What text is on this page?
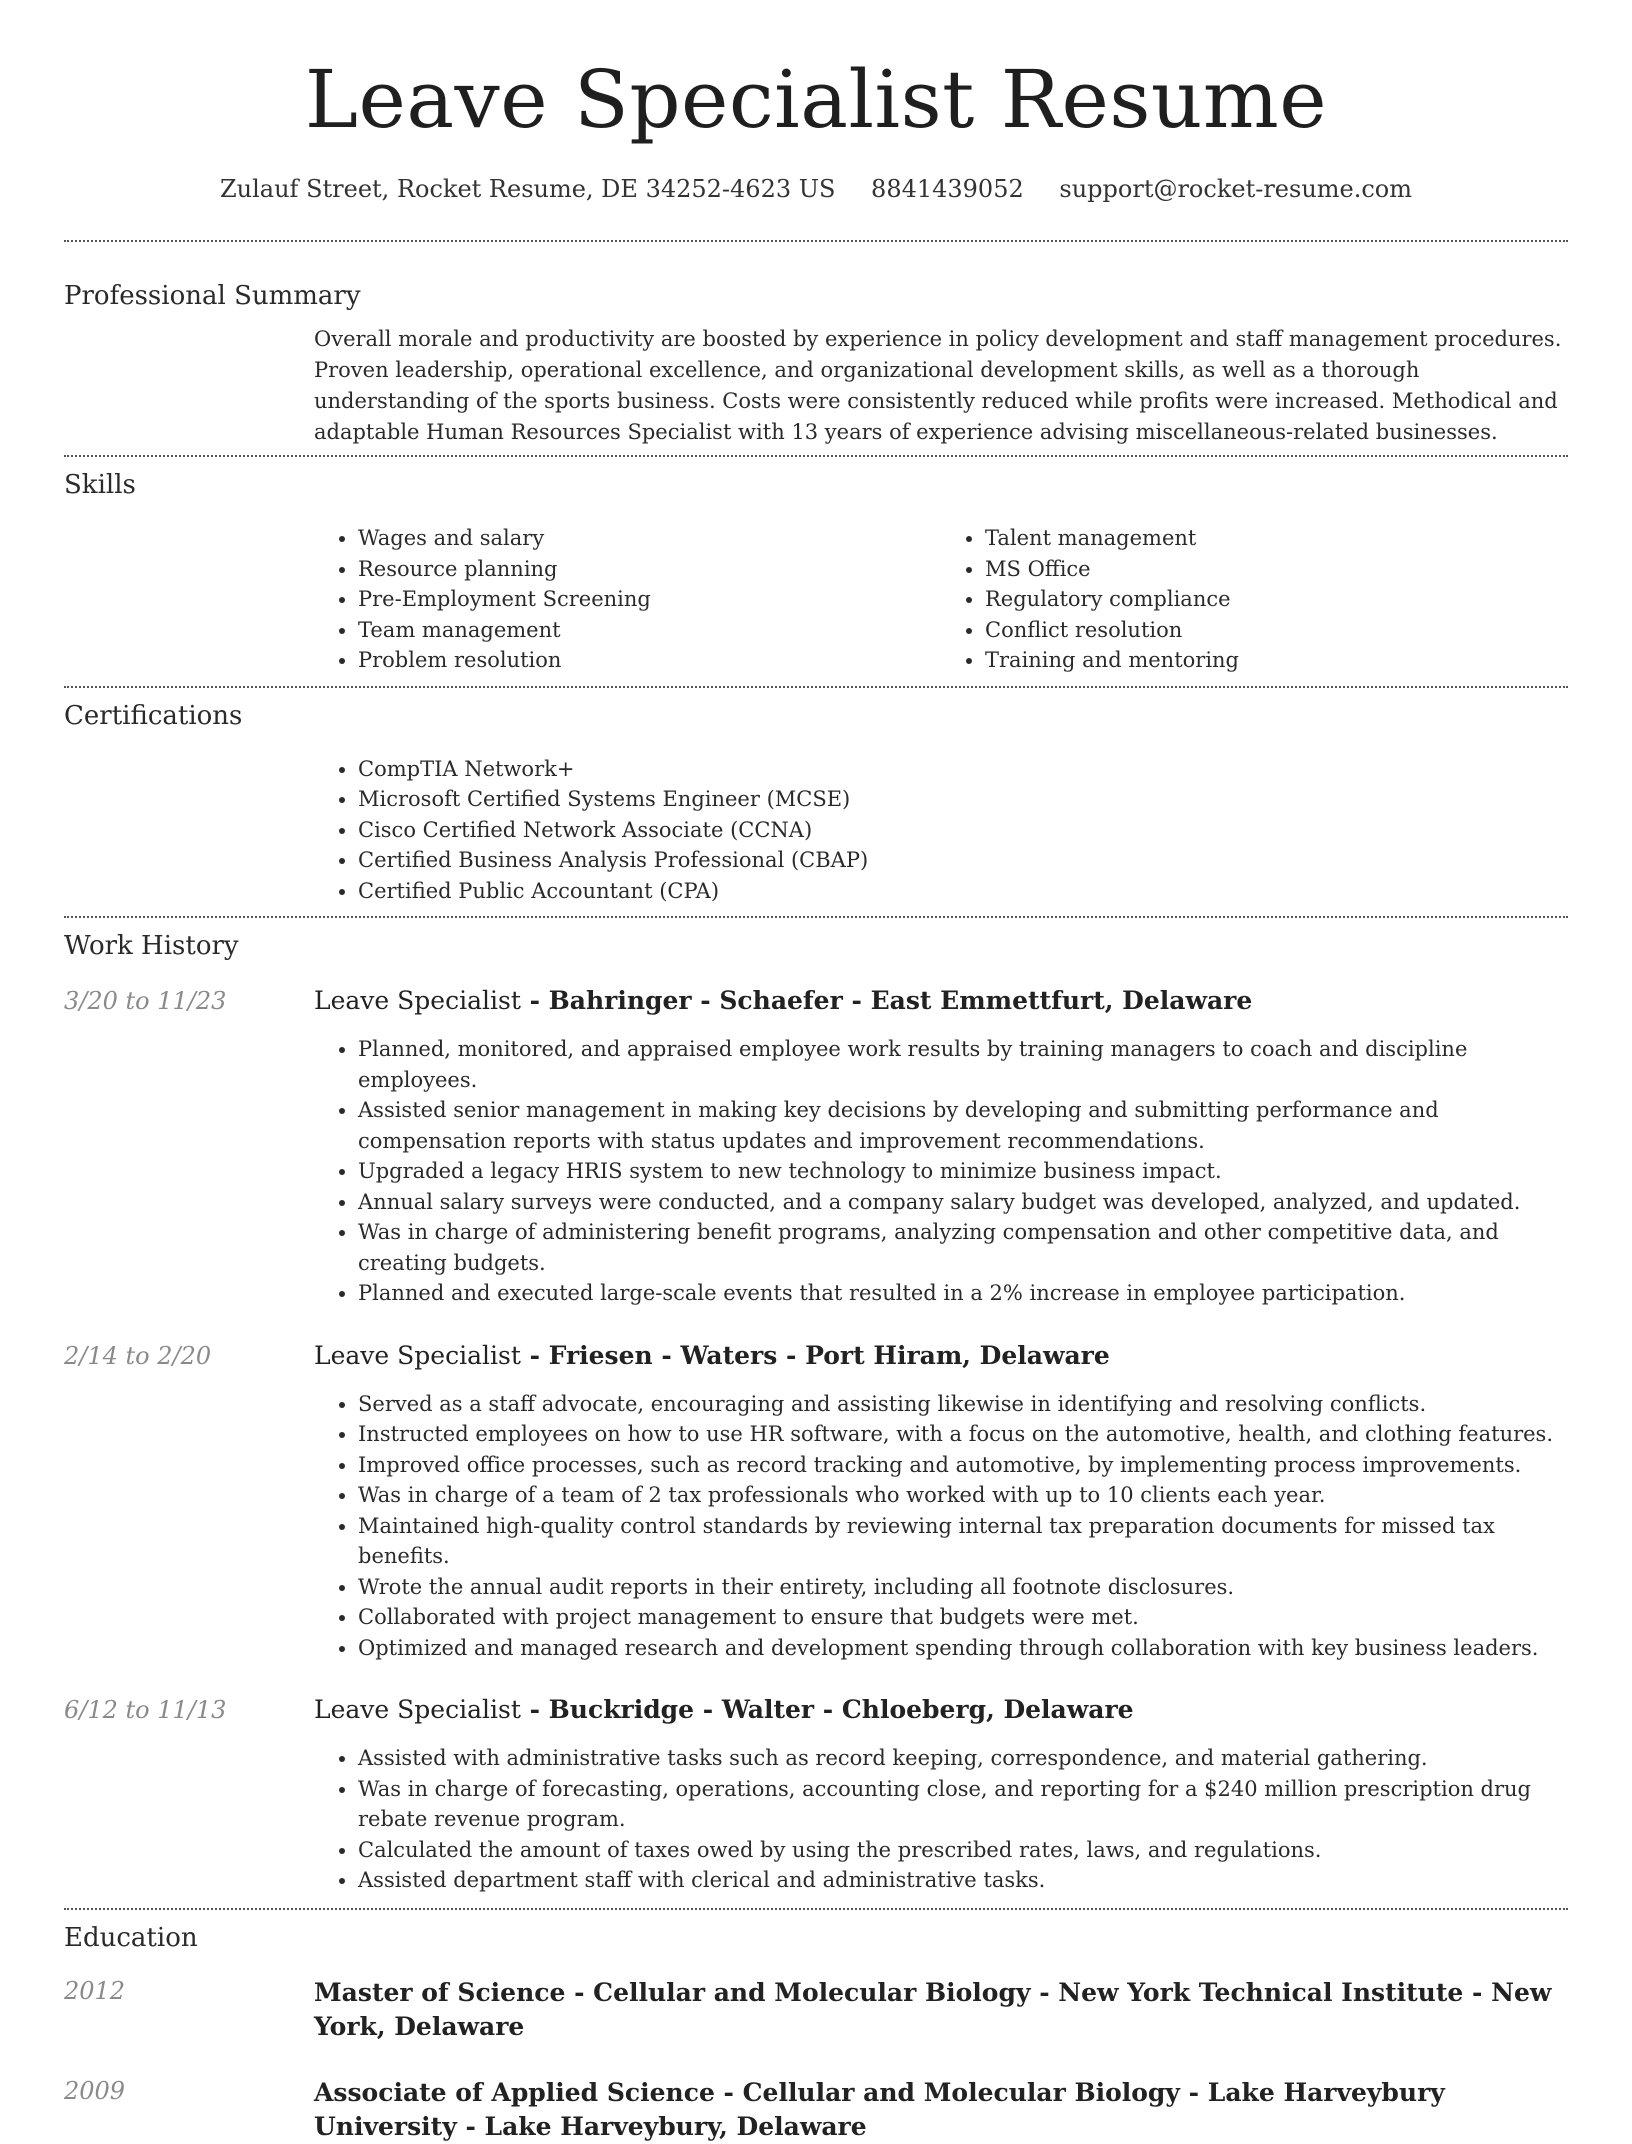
Leave Specialist Resume
Zulauf Street, Rocket Resume, DE 34252-4623 US 8841439052 support@rocket-resume.com
Professional Summary

Overall morale and productivity are boosted by experience in policy development and staff management procedures. Proven leadership, operational excellence, and organizational development skills, as well as a thorough understanding of the sports business. Costs were consistently reduced while profits were increased. Methodical and adaptable Human Resources Specialist with 13 years of experience advising miscellaneous-related businesses.

Skills
• Wages and salary
• Resource planning
• Pre-Employment Screening
• Team management
• Problem resolution
• Talent management
• MS Office
• Regulatory compliance
• Conflict resolution
• Training and mentoring
Certifications
• CompTIA Network+
• Microsoft Certified Systems Engineer (MCSE)
• Cisco Certified Network Associate (CCNA)
• Certified Business Analysis Professional (CBAP)
• Certified Public Accountant (CPA)
Work History
3/20 to 11/23	Leave Specialist - Bahringer - Schaefer - East Emmettfurt, Delaware
• Planned, monitored, and appraised employee work results by training managers to coach and discipline employees.
• Assisted senior management in making key decisions by developing and submitting performance and compensation reports with status updates and improvement recommendations.
• Upgraded a legacy HRIS system to new technology to minimize business impact.
• Annual salary surveys were conducted, and a company salary budget was developed, analyzed, and updated.
• Was in charge of administering benefit programs, analyzing compensation and other competitive data, and creating budgets.
• Planned and executed large-scale events that resulted in a 2% increase in employee participation.
2/14 to 2/20	Leave Specialist - Friesen - Waters - Port Hiram, Delaware
• Served as a staff advocate, encouraging and assisting likewise in identifying and resolving conflicts.
• Instructed employees on how to use HR software, with a focus on the automotive, health, and clothing features.
• Improved office processes, such as record tracking and automotive, by implementing process improvements.
• Was in charge of a team of 2 tax professionals who worked with up to 10 clients each year.
• Maintained high-quality control standards by reviewing internal tax preparation documents for missed tax benefits.
• Wrote the annual audit reports in their entirety, including all footnote disclosures.
• Collaborated with project management to ensure that budgets were met.
• Optimized and managed research and development spending through collaboration with key business leaders.
6/12 to 11/13	Leave Specialist - Buckridge - Walter - Chloeberg, Delaware
• Assisted with administrative tasks such as record keeping, correspondence, and material gathering.
• Was in charge of forecasting, operations, accounting close, and reporting for a $240 million prescription drug rebate revenue program.
• Calculated the amount of taxes owed by using the prescribed rates, laws, and regulations.
• Assisted department staff with clerical and administrative tasks.
Education
2012	Master of Science - Cellular and Molecular Biology - New York Technical Institute - New York, Delaware
2009	Associate of Applied Science - Cellular and Molecular Biology - Lake Harveybury University - Lake Harveybury, Delaware
